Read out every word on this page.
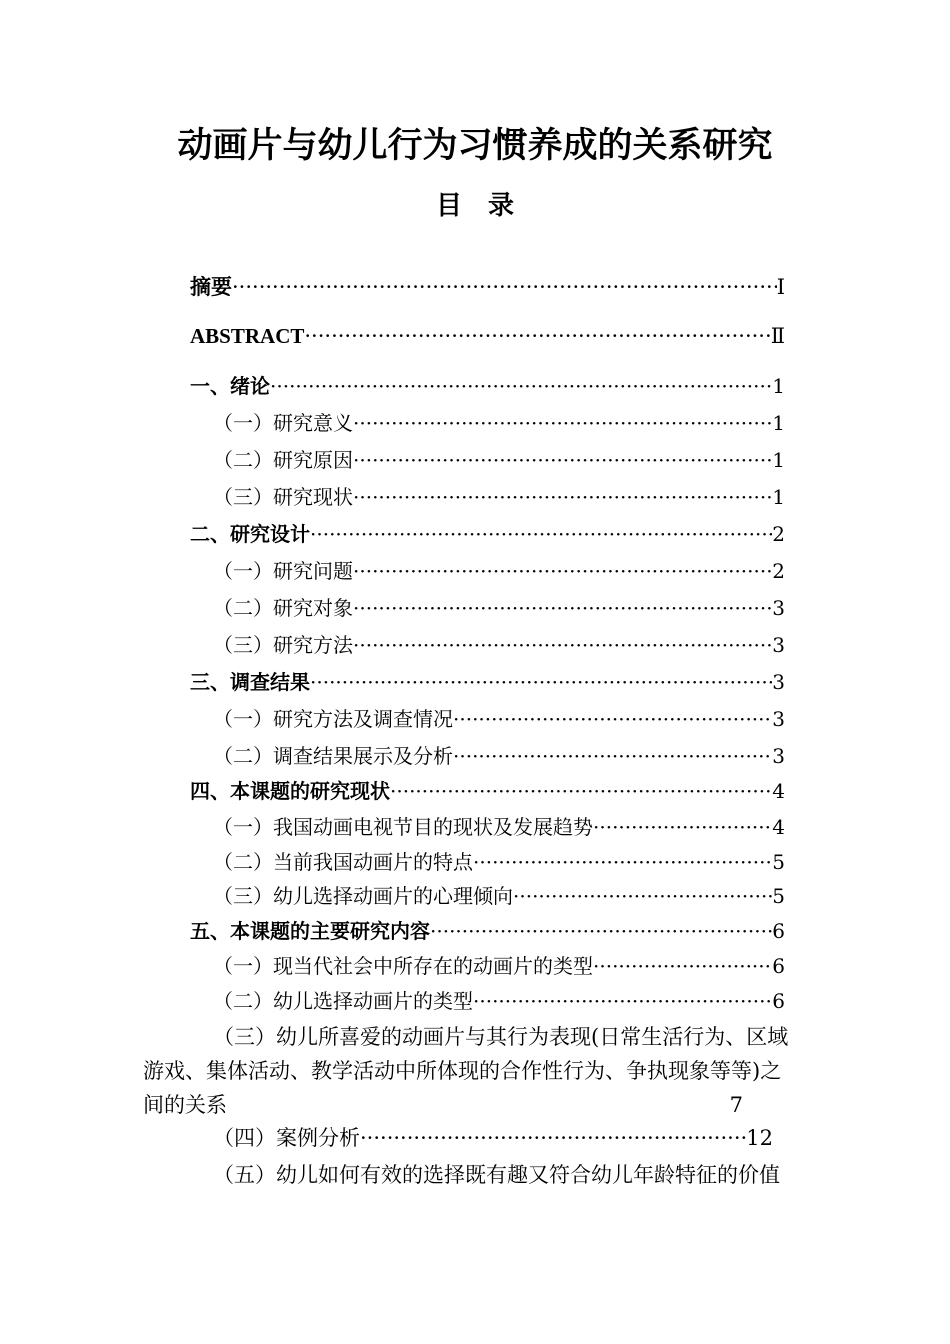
动画片与幼儿行为习惯养成的关系研究
目　录
摘要 ·····	Ⅰ
ABSTRACT ·····	Ⅱ
一、绪论 ·····	1
（一）研究意义 ·····	1
（二）研究原因 ·····	1
（三）研究现状 ·····	1
二、研究设计 ·····	2
（一）研究问题 ·····	2
（二）研究对象 ·····	3
（三）研究方法 ·····	3
三、调查结果 ·····	3
（一）研究方法及调查情况 ·····	3
（二）调查结果展示及分析 ·····	3
四、本课题的研究现状 ·····	4
（一）我国动画电视节目的现状及发展趋势 ·····	4
（二）当前我国动画片的特点 ·····	5
（三）幼儿选择动画片的心理倾向 ·····	5
五、本课题的主要研究内容 ·····	6
（一）现当代社会中所存在的动画片的类型 ·····	6
（二）幼儿选择动画片的类型 ·····	6

（三）幼儿所喜爱的动画片与其行为表现(日常生活行为、区域

游戏、集体活动、教学活动中所体现的合作性行为、争执现象等等)之

间的关系	7
（四）案例分析 ·····	12

（五）幼儿如何有效的选择既有趣又符合幼儿年龄特征的价值
